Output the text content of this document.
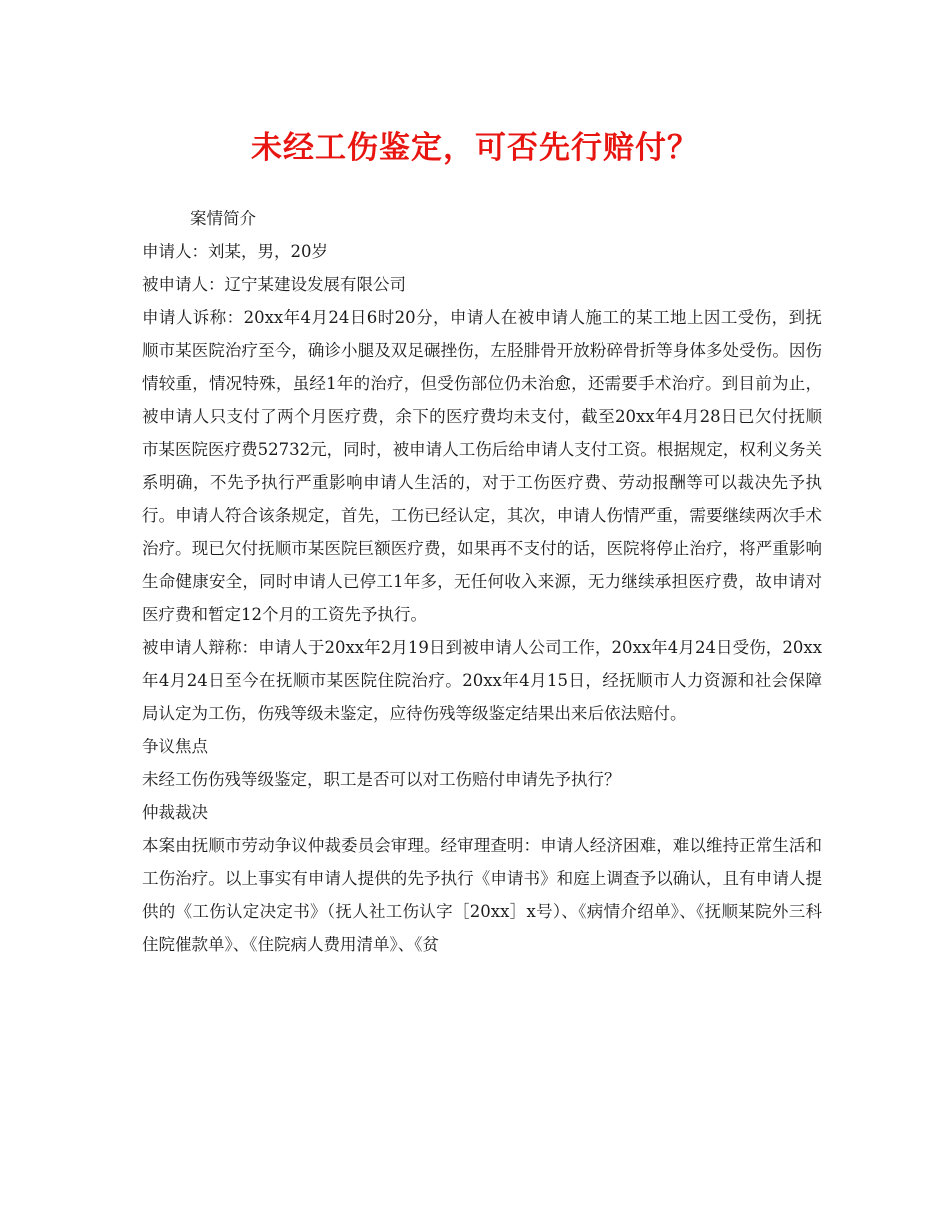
未经工伤鉴定，可否先行赔付？

案情简介

申请人：刘某，男，20岁

被申请人：辽宁某建设发展有限公司

申请人诉称：20xx年4月24日6时20分，申请人在被申请人施工的某工地上因工受伤，到抚顺市某医院治疗至今，确诊小腿及双足碾挫伤，左胫腓骨开放粉碎骨折等身体多处受伤。因伤情较重，情况特殊，虽经1年的治疗，但受伤部位仍未治愈，还需要手术治疗。到目前为止，被申请人只支付了两个月医疗费，余下的医疗费均未支付，截至20xx年4月28日已欠付抚顺市某医院医疗费52732元，同时，被申请人工伤后给申请人支付工资。根据规定，权利义务关系明确，不先予执行严重影响申请人生活的，对于工伤医疗费、劳动报酬等可以裁决先予执行。申请人符合该条规定，首先，工伤已经认定，其次，申请人伤情严重，需要继续两次手术治疗。现已欠付抚顺市某医院巨额医疗费，如果再不支付的话，医院将停止治疗，将严重影响生命健康安全，同时申请人已停工1年多，无任何收入来源，无力继续承担医疗费，故申请对医疗费和暂定12个月的工资先予执行。

被申请人辩称：申请人于20xx年2月19日到被申请人公司工作，20xx年4月24日受伤，20xx年4月24日至今在抚顺市某医院住院治疗。20xx年4月15日，经抚顺市人力资源和社会保障局认定为工伤，伤残等级未鉴定，应待伤残等级鉴定结果出来后依法赔付。

争议焦点

未经工伤伤残等级鉴定，职工是否可以对工伤赔付申请先予执行？

仲裁裁决

本案由抚顺市劳动争议仲裁委员会审理。经审理查明：申请人经济困难，难以维持正常生活和工伤治疗。以上事实有申请人提供的先予执行《申请书》和庭上调查予以确认，且有申请人提供的《工伤认定决定书》（抚人社工伤认字［20xx］x号）、《病情介绍单》、《抚顺某院外三科住院催款单》、《住院病人费用清单》、《贫
